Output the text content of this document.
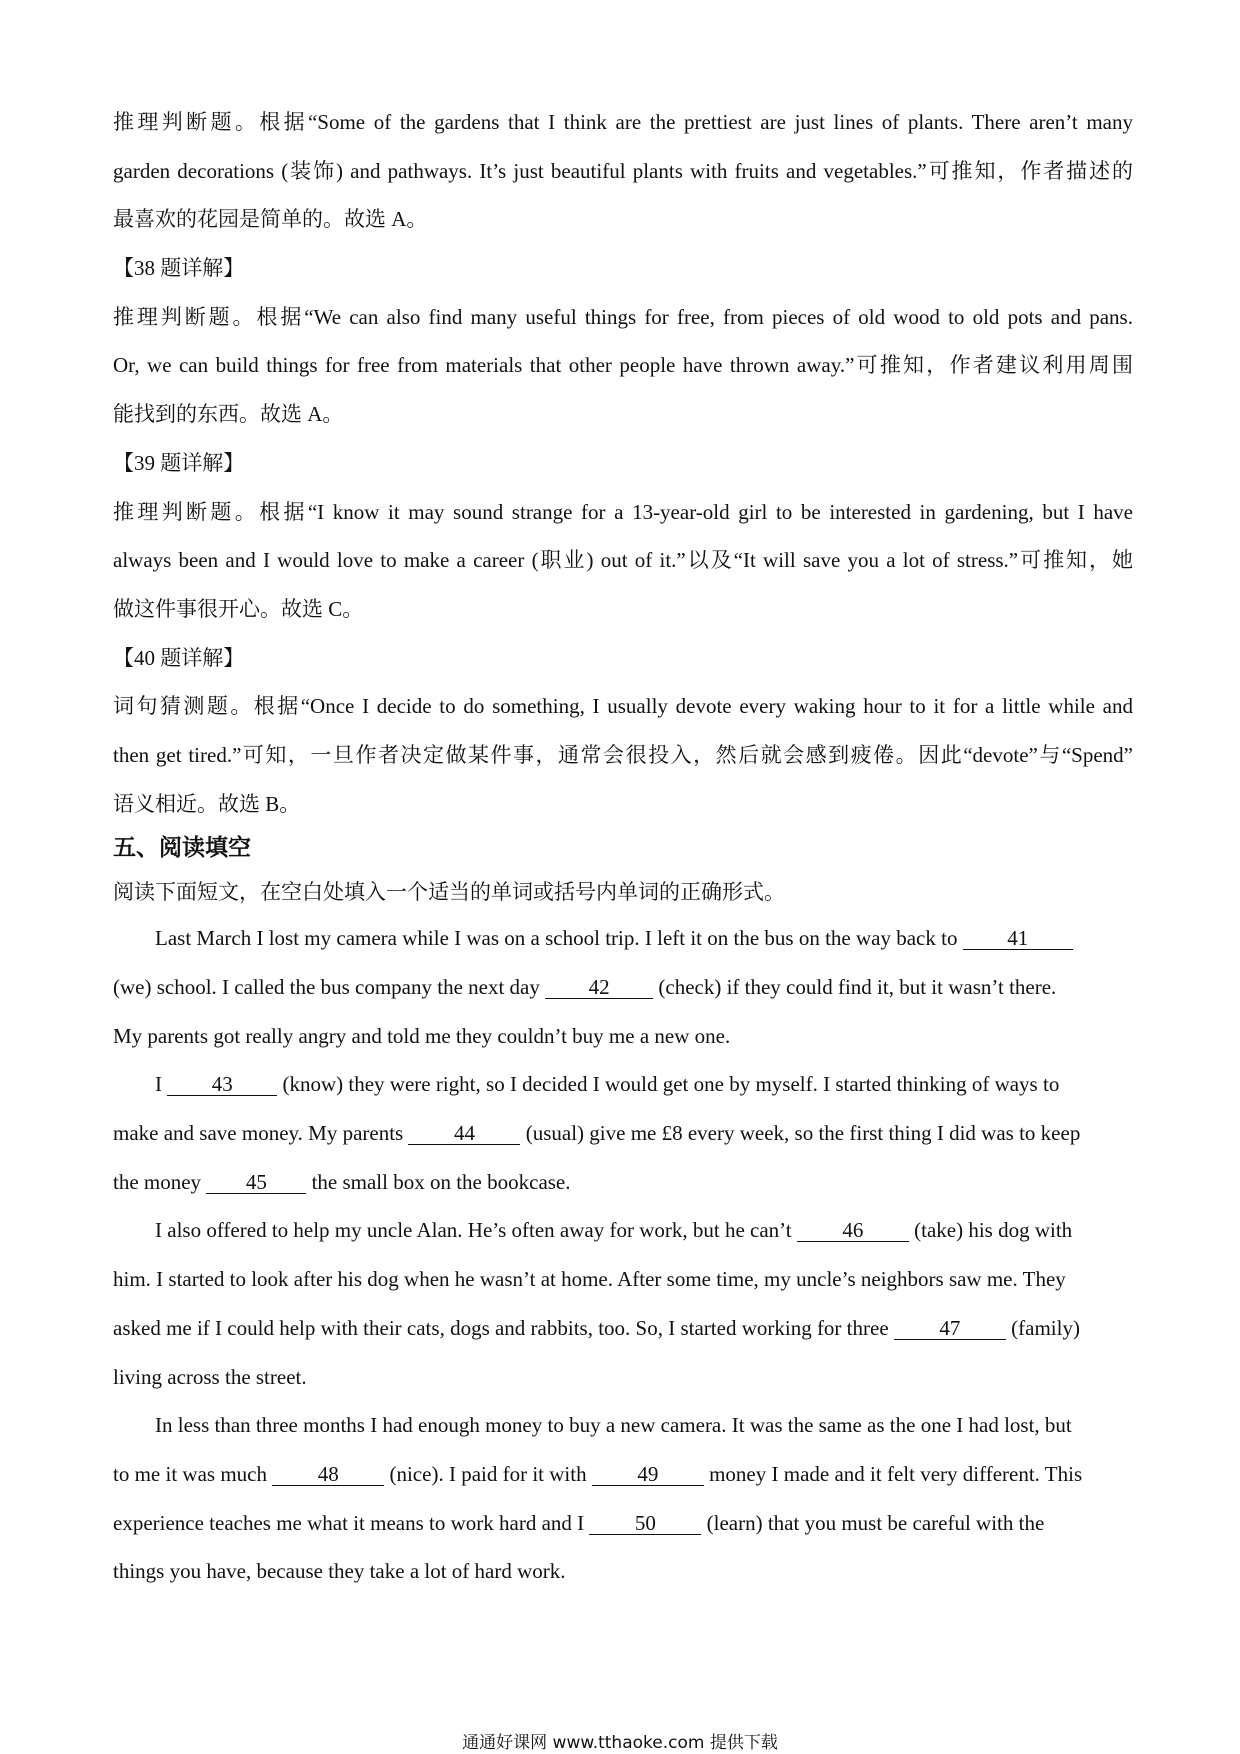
推理判断题。根据“Some of the gardens that I think are the prettiest are just lines of plants. There aren’t many
garden decorations (装饰) and pathways. It’s just beautiful plants with fruits and vegetables.”可推知，作者描述的
最喜欢的花园是简单的。故选 A。
【38 题详解】
推理判断题。根据“We can also find many useful things for free, from pieces of old wood to old pots and pans.
Or, we can build things for free from materials that other people have thrown away.”可推知，作者建议利用周围
能找到的东西。故选 A。
【39 题详解】
推理判断题。根据“I know it may sound strange for a 13-year-old girl to be interested in gardening, but I have
always been and I would love to make a career (职业) out of it.”以及“It will save you a lot of stress.”可推知，她
做这件事很开心。故选 C。
【40 题详解】
词句猜测题。根据“Once I decide to do something, I usually devote every waking hour to it for a little while and
then get tired.”可知，一旦作者决定做某件事，通常会很投入，然后就会感到疲倦。因此“devote”与“Spend”
语义相近。故选 B。
五、阅读填空
阅读下面短文，在空白处填入一个适当的单词或括号内单词的正确形式。
Last March I lost my camera while I was on a school trip. I left it on the bus on the way back to 41
(we) school. I called the bus company the next day 42 (check) if they could find it, but it wasn’t there.
My parents got really angry and told me they couldn’t buy me a new one.
I 43 (know) they were right, so I decided I would get one by myself. I started thinking of ways to
make and save money. My parents 44 (usual) give me £8 every week, so the first thing I did was to keep
the money 45 the small box on the bookcase.
I also offered to help my uncle Alan. He’s often away for work, but he can’t 46 (take) his dog with
him. I started to look after his dog when he wasn’t at home. After some time, my uncle’s neighbors saw me. They
asked me if I could help with their cats, dogs and rabbits, too. So, I started working for three 47 (family)
living across the street.
In less than three months I had enough money to buy a new camera. It was the same as the one I had lost, but
to me it was much 48 (nice). I paid for it with 49 money I made and it felt very different. This
experience teaches me what it means to work hard and I 50 (learn) that you must be careful with the
things you have, because they take a lot of hard work.
通通好课网 www.tthaoke.com 提供下载
